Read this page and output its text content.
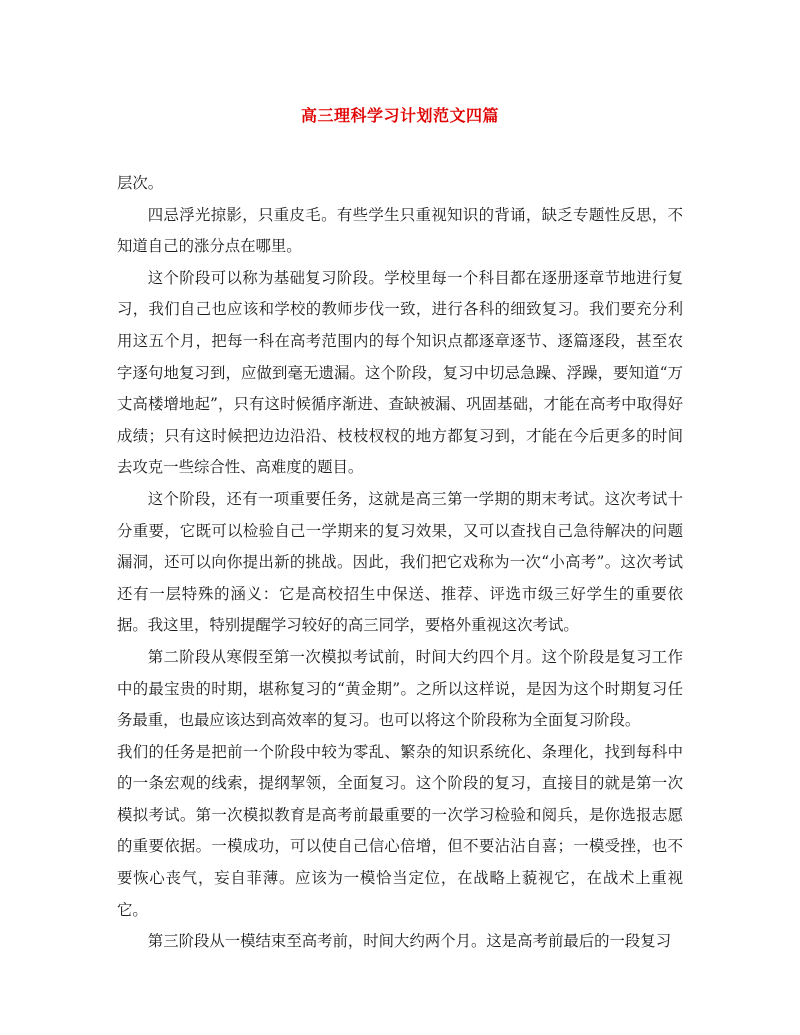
高三理科学习计划范文四篇

层次。

四忌浮光掠影，只重皮毛。有些学生只重视知识的背诵，缺乏专题性反思，不知道自己的涨分点在哪里。

这个阶段可以称为基础复习阶段。学校里每一个科目都在逐册逐章节地进行复习，我们自己也应该和学校的教师步伐一致，进行各科的细致复习。我们要充分利用这五个月，把每一科在高考范围内的每个知识点都逐章逐节、逐篇逐段，甚至农字逐句地复习到，应做到毫无遗漏。这个阶段，复习中切忌急躁、浮躁，要知道“万丈高楼增地起”，只有这时候循序渐进、查缺被漏、巩固基础，才能在高考中取得好成绩；只有这时候把边边沿沿、枝枝杈杈的地方都复习到，才能在今后更多的时间去攻克一些综合性、高难度的题目。

这个阶段，还有一项重要任务，这就是高三第一学期的期末考试。这次考试十分重要，它既可以检验自己一学期来的复习效果，又可以查找自己急待解决的问题漏洞，还可以向你提出新的挑战。因此，我们把它戏称为一次“小高考”。这次考试还有一层特殊的涵义：它是高校招生中保送、推荐、评选市级三好学生的重要依据。我这里，特别提醒学习较好的高三同学，要格外重视这次考试。

第二阶段从寒假至第一次模拟考试前，时间大约四个月。这个阶段是复习工作中的最宝贵的时期，堪称复习的“黄金期”。之所以这样说，是因为这个时期复习任务最重，也最应该达到高效率的复习。也可以将这个阶段称为全面复习阶段。

我们的任务是把前一个阶段中较为零乱、繁杂的知识系统化、条理化，找到每科中的一条宏观的线索，提纲挈领，全面复习。这个阶段的复习，直接目的就是第一次模拟考试。第一次模拟教育是高考前最重要的一次学习检验和阅兵，是你选报志愿的重要依据。一模成功，可以使自己信心倍增，但不要沾沾自喜；一模受挫，也不要恢心丧气，妄自菲薄。应该为一模恰当定位，在战略上藐视它，在战术上重视它。

第三阶段从一模结束至高考前，时间大约两个月。这是高考前最后的一段复习
